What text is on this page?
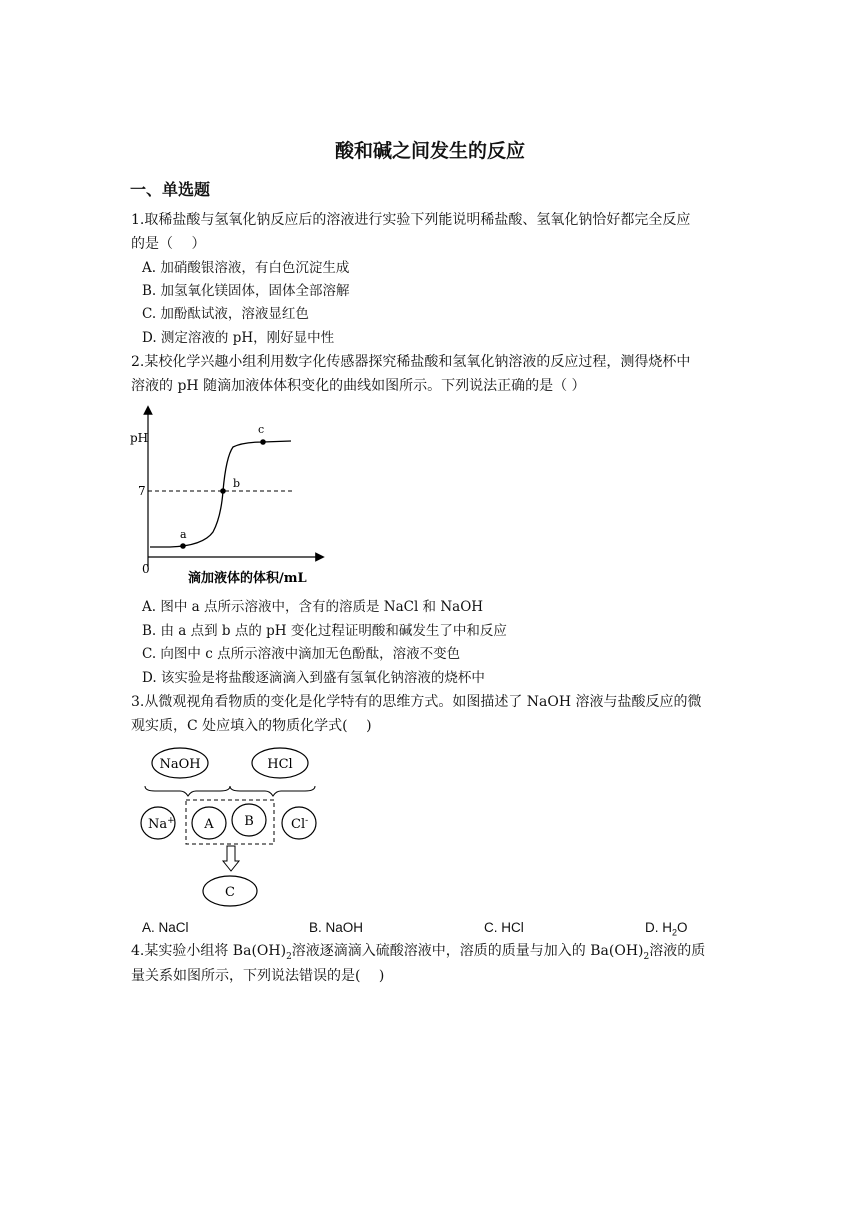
酸和碱之间发生的反应
一、单选题
1.取稀盐酸与氢氧化钠反应后的溶液进行实验下列能说明稀盐酸、氢氧化钠恰好都完全反应
的是（　 ）
A. 加硝酸银溶液，有白色沉淀生成
B. 加氢氧化镁固体，固体全部溶解
C. 加酚酞试液，溶液显红色
D. 测定溶液的 pH，刚好显中性
2.某校化学兴趣小组利用数字化传感器探究稀盐酸和氢氧化钠溶液的反应过程，测得烧杯中
溶液的 pH 随滴加液体体积变化的曲线如图所示。下列说法正确的是（ ）
pH
7
0
a
b
c
滴加液体的体积/mL
A. 图中 a 点所示溶液中，含有的溶质是 NaCl 和 NaOH
B. 由 a 点到 b 点的 pH 变化过程证明酸和碱发生了中和反应
C. 向图中 c 点所示溶液中滴加无色酚酞，溶液不变色
D. 该实验是将盐酸逐滴滴入到盛有氢氧化钠溶液的烧杯中
3.从微观视角看物质的变化是化学特有的思维方式。如图描述了 NaOH 溶液与盐酸反应的微
观实质，C 处应填入的物质化学式(　 )
NaOH	HCl
Na+ A B	Cl-
C
A. NaCl	B. NaOH	C. HCl	D. $H_2O$
4.某实验小组将 $Ba(OH)_2$溶液逐滴滴入硫酸溶液中，溶质的质量与加入的 $Ba(OH)_2$溶液的质
量关系如图所示，下列说法错误的是(　 )
